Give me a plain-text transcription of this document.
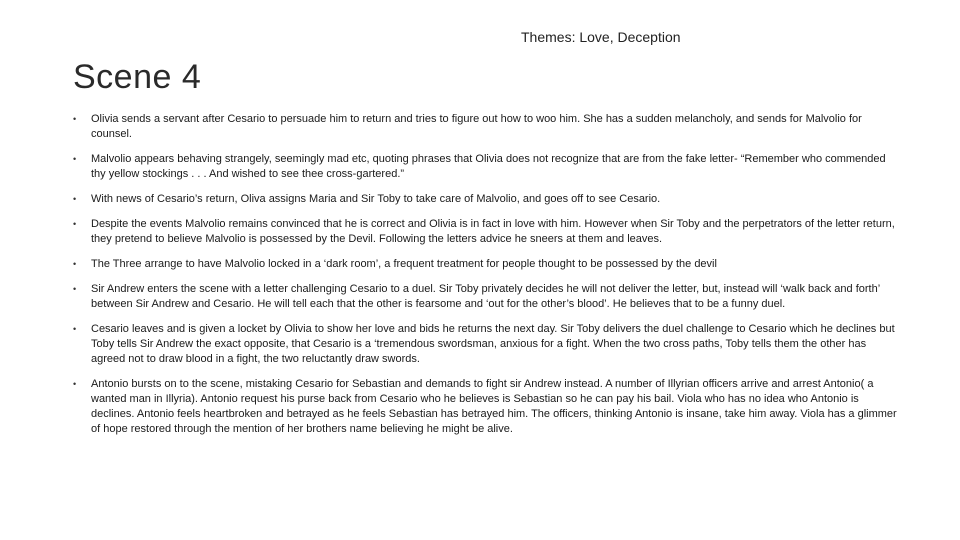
Themes: Love, Deception
Scene 4
• Olivia sends a servant after Cesario to persuade him to return and tries to figure out how to woo him. She has a sudden melancholy, and sends for Malvolio for counsel.
• Malvolio appears behaving strangely, seemingly mad etc, quoting phrases that Olivia does not recognize that are from the fake letter- “Remember who commended thy yellow stockings . . . And wished to see thee cross-gartered.”
• With news of Cesario’s return, Oliva assigns Maria and Sir Toby to take care of Malvolio, and goes off to see Cesario.
• Despite the events Malvolio remains convinced that he is correct and Olivia is in fact in love with him. However when Sir Toby and the perpetrators of the letter return, they pretend to believe Malvolio is possessed by the Devil. Following the letters advice he sneers at them and leaves.
• The Three arrange to have Malvolio locked in a ‘dark room’, a frequent treatment for people thought to be possessed by the devil
• Sir Andrew enters the scene with a letter challenging Cesario to a duel. Sir Toby privately decides he will not deliver the letter, but, instead will ‘walk back and forth’ between Sir Andrew and Cesario. He will tell each that the other is fearsome and ‘out for the other’s blood’. He believes that to be a funny duel.
• Cesario leaves and is given a locket by Olivia to show her love and bids he returns the next day. Sir Toby delivers the duel challenge to Cesario which he declines but Toby tells Sir Andrew the exact opposite, that Cesario is a ‘tremendous swordsman, anxious for a fight. When the two cross paths, Toby tells them the other has agreed not to draw blood in a fight, the two reluctantly draw swords.
• Antonio bursts on to the scene, mistaking Cesario for Sebastian and demands to fight sir Andrew instead. A number of Illyrian officers arrive and arrest Antonio( a wanted man in Illyria). Antonio request his purse back from Cesario who he believes is Sebastian so he can pay his bail. Viola who has no idea who Antonio is declines. Antonio feels heartbroken and betrayed as he feels Sebastian has betrayed him. The officers, thinking Antonio is insane, take him away. Viola has a glimmer of hope restored through the mention of her brothers name believing he might be alive.
